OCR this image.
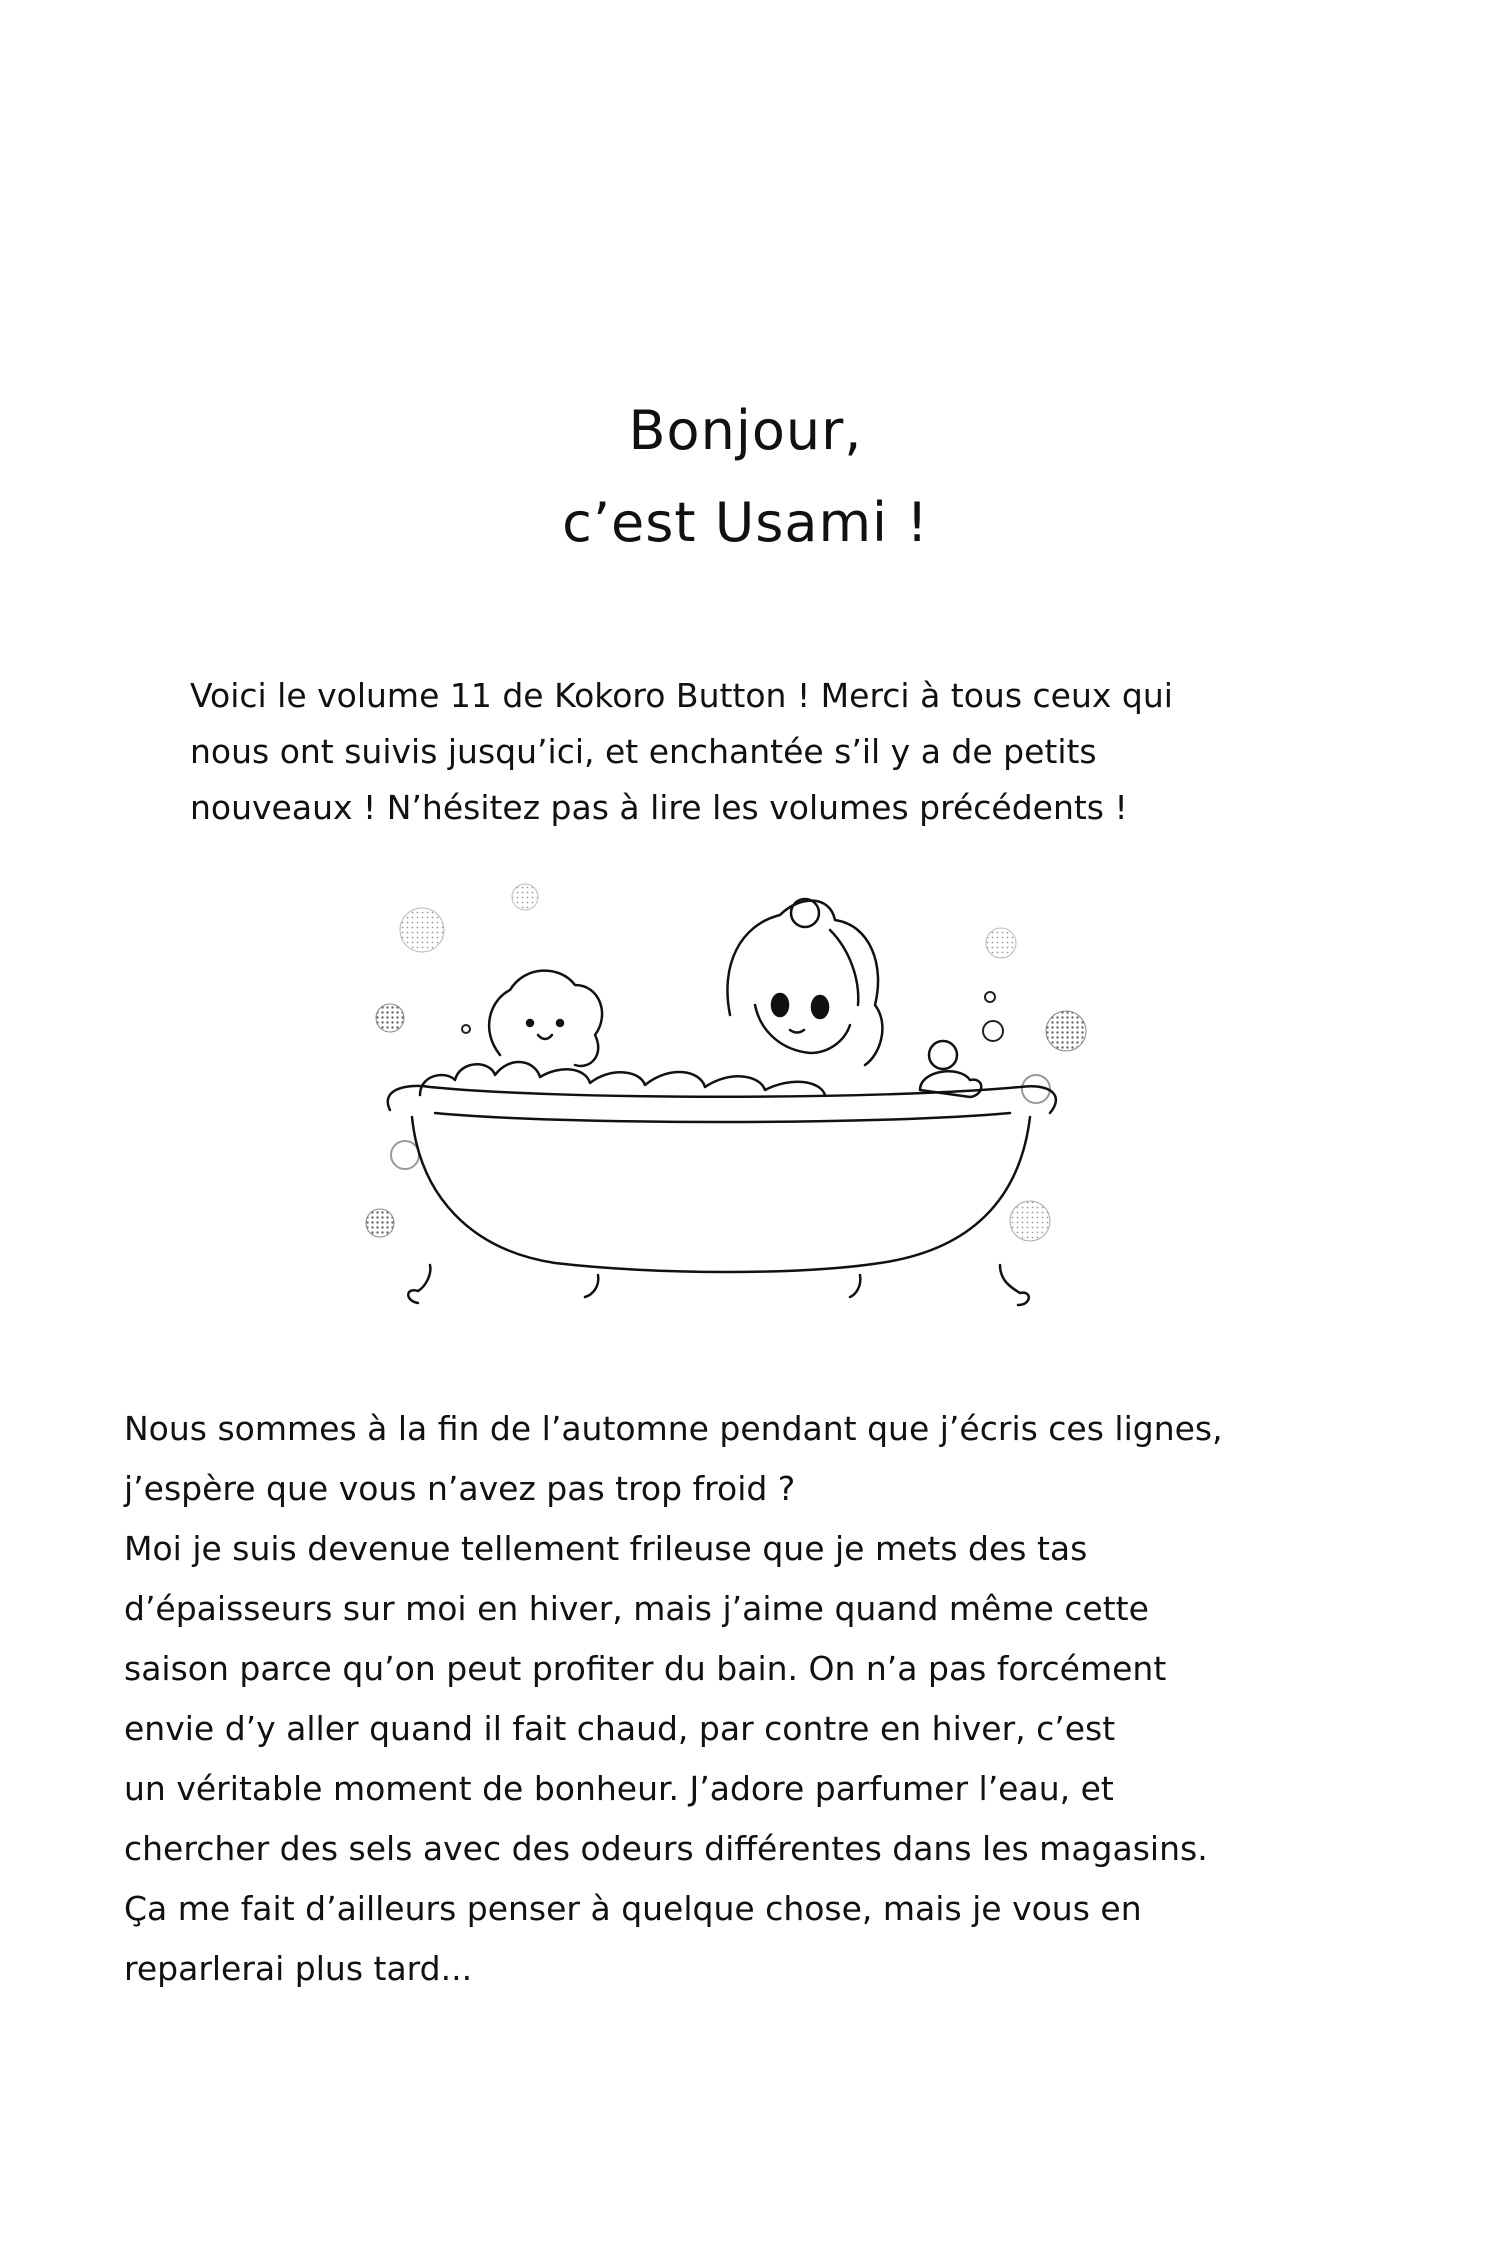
Bonjour,
c’est Usami !
Voici le volume 11 de Kokoro Button ! Merci à tous ceux qui
nous ont suivis jusqu’ici, et enchantée s’il y a de petits
nouveaux ! N’hésitez pas à lire les volumes précédents !
Nous sommes à la fin de l’automne pendant que j’écris ces lignes,
j’espère que vous n’avez pas trop froid ?
Moi je suis devenue tellement frileuse que je mets des tas
d’épaisseurs sur moi en hiver, mais j’aime quand même cette
saison parce qu’on peut profiter du bain. On n’a pas forcément
envie d’y aller quand il fait chaud, par contre en hiver, c’est
un véritable moment de bonheur. J’adore parfumer l’eau, et
chercher des sels avec des odeurs différentes dans les magasins.
Ça me fait d’ailleurs penser à quelque chose, mais je vous en
reparlerai plus tard...
